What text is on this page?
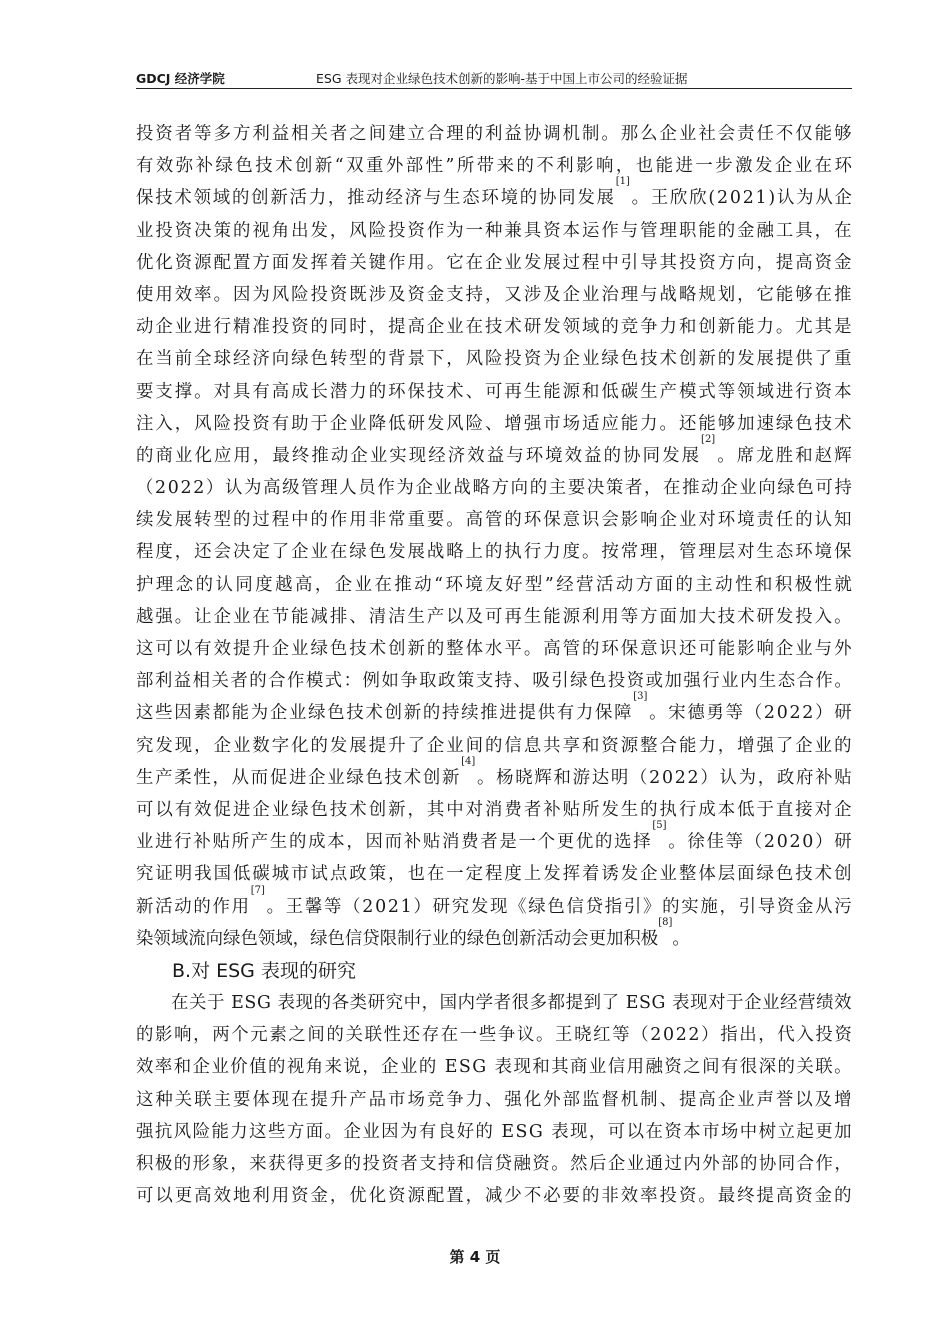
GDCJ 经济学院	ESG 表现对企业绿色技术创新的影响-基于中国上市公司的经验证据
投 资 者 等 多 方 利 益 相 关 者 之 间 建 立 合 理 的 利 益 协 调 机 制 。 那 么 企 业 社 会 责 任 不 仅 能 够
有 效 弥 补 绿 色 技 术 创 新 “ 双 重 外 部 性 ” 所 带 来 的 不 利 影 响 ， 也 能 进 一 步 激 发 企 业 在 环
保 技 术 领 域 的 创 新 活 力 ， 推 动 经 济 与 生 态 环 境 的 协 同 发 展
[1]
。 王 欣 欣 ( 2 0 2 1 ) 认 为 从 企
业 投 资 决 策 的 视 角 出 发 ， 风 险 投 资 作 为 一 种 兼 具 资 本 运 作 与 管 理 职 能 的 金 融 工 具 ， 在
优 化 资 源 配 置 方 面 发 挥 着 关 键 作 用 。 它 在 企 业 发 展 过 程 中 引 导 其 投 资 方 向 ， 提 高 资 金
使 用 效 率 。 因 为 风 险 投 资 既 涉 及 资 金 支 持 ， 又 涉 及 企 业 治 理 与 战 略 规 划 ， 它 能 够 在 推
动 企 业 进 行 精 准 投 资 的 同 时 ， 提 高 企 业 在 技 术 研 发 领 域 的 竞 争 力 和 创 新 能 力 。 尤 其 是
在 当 前 全 球 经 济 向 绿 色 转 型 的 背 景 下 ， 风 险 投 资 为 企 业 绿 色 技 术 创 新 的 发 展 提 供 了 重
要 支 撑 。 对 具 有 高 成 长 潜 力 的 环 保 技 术 、 可 再 生 能 源 和 低 碳 生 产 模 式 等 领 域 进 行 资 本
注 入 ， 风 险 投 资 有 助 于 企 业 降 低 研 发 风 险 、 增 强 市 场 适 应 能 力 。 还 能 够 加 速 绿 色 技 术
的 商 业 化 应 用 ， 最 终 推 动 企 业 实 现 经 济 效 益 与 环 境 效 益 的 协 同 发 展
[2]
。 席 龙 胜 和 赵 辉
（ 2 0 2 2 ） 认 为 高 级 管 理 人 员 作 为 企 业 战 略 方 向 的 主 要 决 策 者 ， 在 推 动 企 业 向 绿 色 可 持
续 发 展 转 型 的 过 程 中 的 作 用 非 常 重 要 。 高 管 的 环 保 意 识 会 影 响 企 业 对 环 境 责 任 的 认 知
程 度 ， 还 会 决 定 了 企 业 在 绿 色 发 展 战 略 上 的 执 行 力 度 。 按 常 理 ， 管 理 层 对 生 态 环 境 保
护 理 念 的 认 同 度 越 高 ， 企 业 在 推 动 “ 环 境 友 好 型 ” 经 营 活 动 方 面 的 主 动 性 和 积 极 性 就
越 强 。 让 企 业 在 节 能 减 排 、 清 洁 生 产 以 及 可 再 生 能 源 利 用 等 方 面 加 大 技 术 研 发 投 入 。
这 可 以 有 效 提 升 企 业 绿 色 技 术 创 新 的 整 体 水 平 。 高 管 的 环 保 意 识 还 可 能 影 响 企 业 与 外
部 利 益 相 关 者 的 合 作 模 式 ： 例 如 争 取 政 策 支 持 、 吸 引 绿 色 投 资 或 加 强 行 业 内 生 态 合 作 。
这 些 因 素 都 能 为 企 业 绿 色 技 术 创 新 的 持 续 推 进 提 供 有 力 保 障
[3]
。 宋 德 勇 等 （ 2 0 2 2 ） 研
究 发 现 ， 企 业 数 字 化 的 发 展 提 升 了 企 业 间 的 信 息 共 享 和 资 源 整 合 能 力 ， 增 强 了 企 业 的
生 产 柔 性 ， 从 而 促 进 企 业 绿 色 技 术 创 新
[4]
。 杨 晓 辉 和 游 达 明 （ 2 0 2 2 ） 认 为 ， 政 府 补 贴
可 以 有 效 促 进 企 业 绿 色 技 术 创 新 ， 其 中 对 消 费 者 补 贴 所 发 生 的 执 行 成 本 低 于 直 接 对 企
业 进 行 补 贴 所 产 生 的 成 本 ， 因 而 补 贴 消 费 者 是 一 个 更 优 的 选 择
[5]
。 徐 佳 等 （ 2 0 2 0 ） 研
究 证 明 我 国 低 碳 城 市 试 点 政 策 ， 也 在 一 定 程 度 上 发 挥 着 诱 发 企 业 整 体 层 面 绿 色 技 术 创
新 活 动 的 作 用
[7]
。 王 馨 等 （ 2 0 2 1 ） 研 究 发 现 《 绿 色 信 贷 指 引 》 的 实 施 ， 引 导 资 金 从 污
染 领 域 流 向 绿 色 领 域 ， 绿 色 信 贷 限 制 行 业 的 绿 色 创 新 活 动 会 更 加 积 极
[8]
。
B.对 ESG 表现的研究
在 关 于
E S G
表 现 的 各 类 研 究 中 ， 国 内 学 者 很 多 都 提 到 了
E S G
表 现 对 于 企 业 经 营 绩 效
的 影 响 ， 两 个 元 素 之 间 的 关 联 性 还 存 在 一 些 争 议 。 王 晓 红 等 （ 2 0 2 2 ） 指 出 ， 代 入 投 资
效 率 和 企 业 价 值 的 视 角 来 说 ， 企 业 的
E S G
表 现 和 其 商 业 信 用 融 资 之 间 有 很 深 的 关 联 。
这 种 关 联 主 要 体 现 在 提 升 产 品 市 场 竞 争 力 、 强 化 外 部 监 督 机 制 、 提 高 企 业 声 誉 以 及 增
强 抗 风 险 能 力 这 些 方 面 。 企 业 因 为 有 良 好 的
E S G
表 现 ， 可 以 在 资 本 市 场 中 树 立 起 更 加
积 极 的 形 象 ， 来 获 得 更 多 的 投 资 者 支 持 和 信 贷 融 资 。 然 后 企 业 通 过 内 外 部 的 协 同 合 作 ，
可 以 更 高 效 地 利 用 资 金 ， 优 化 资 源 配 置 ， 减 少 不 必 要 的 非 效 率 投 资 。 最 终 提 高 资 金 的
第 4 页
